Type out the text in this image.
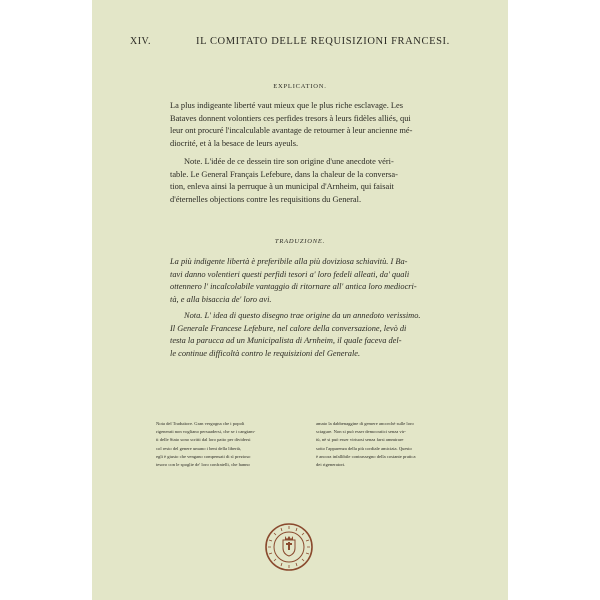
XIV.	IL COMITATO DELLE REQUISIZIONI FRANCESI.
EXPLICATION.

La plus indigeante liberté vaut mieux que le plus riche esclavage. Les
Bataves donnent volontiers ces perfides tresors à leurs fidèles alliés, qui
leur ont procuré l'incalculable avantage de retourner à leur ancienne mé-
diocrité, et à la besace de leurs ayeuls.

Note. L'idée de ce dessein tire son origine d'une anecdote véri-
table. Le General Français Lefebure, dans la chaleur de la conversa-
tion, enleva ainsi la perruque à un municipal d'Arnheim, qui faisait
d'éternelles objections contre les requisitions du General.

TRADUZIONE.

La più indigente libertà è preferibile alla più doviziosa schiavitù. I Ba-
tavi danno volentieri questi perfidi tesori a' loro fedeli alleati, da' quali
ottennero l' incalcolabile vantaggio di ritornare all' antica loro mediocri-
tà, e alla bisaccia de' loro avi.

Nota. L' idea di questo disegno trae origine da un annedoto verissimo.
Il Generale Francese Lefebure, nel calore della conversazione, levò di
testa la parucca ad un Municipalista di Arnheim, il quale faceva del-
le continue difficoltà contro le requisizioni del Generale.

Nota del Traduttore. Gran vergogna che i popoli
rigenerati non vogliano persuadersi, che se i cangiam-
ti delle Stato sono scritti dal loro patto per dividersi
col resto del genere umano i beni della libertà,
egli è giusto che vengano compensati di sì prezioso
tesoro con le spoglie de' loro confratelli, che hanno
amato la dabbenaggine di gemere ancorchè sulle loro
sciagure. Non si può esser democratici senza vir-
tù, nè si può esser virtuosi senza farsi ammirare
sotto l'apparenza della più cordiale amicizia. Questo
è ancora infallibile contrassegno della costante pratica
dei rigeneratori.
